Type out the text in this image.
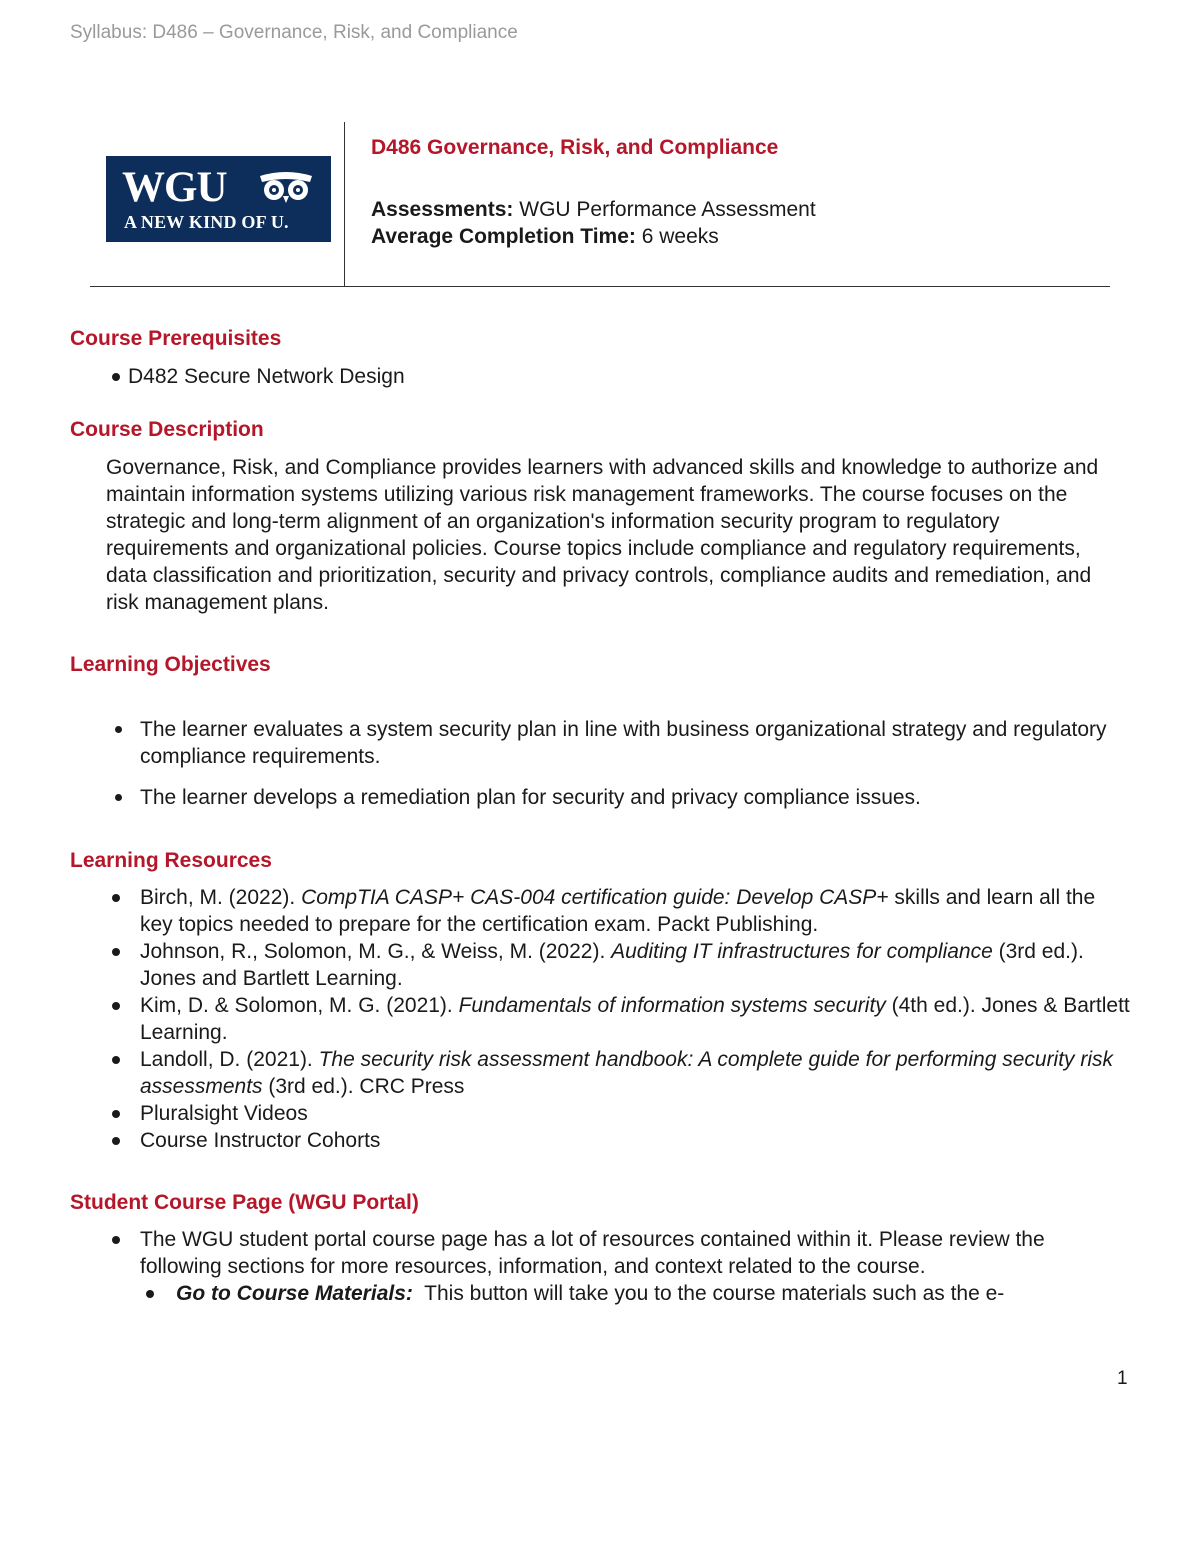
Syllabus: D486 – Governance, Risk, and Compliance
WGU
A NEW KIND OF U.
D486 Governance, Risk, and Compliance
Assessments: WGU Performance Assessment
Average Completion Time: 6 weeks
Course Prerequisites
D482 Secure Network Design
Course Description

Governance, Risk, and Compliance provides learners with advanced skills and knowledge to authorize and maintain information systems utilizing various risk management frameworks. The course focuses on the strategic and long-term alignment of an organization's information security program to regulatory requirements and organizational policies. Course topics include compliance and regulatory requirements, data classification and prioritization, security and privacy controls, compliance audits and remediation, and risk management plans.

Learning Objectives
The learner evaluates a system security plan in line with business organizational strategy and regulatory compliance requirements.
The learner develops a remediation plan for security and privacy compliance issues.
Learning Resources
Birch, M. (2022). CompTIA CASP+ CAS-004 certification guide: Develop CASP+ skills and learn all the key topics needed to prepare for the certification exam. Packt Publishing.
Johnson, R., Solomon, M. G., & Weiss, M. (2022). Auditing IT infrastructures for compliance (3rd ed.). Jones and Bartlett Learning.
Kim, D. & Solomon, M. G. (2021). Fundamentals of information systems security (4th ed.). Jones & Bartlett Learning.
Landoll, D. (2021). The security risk assessment handbook: A complete guide for performing security risk assessments (3rd ed.). CRC Press
Pluralsight Videos
Course Instructor Cohorts
Student Course Page (WGU Portal)
The WGU student portal course page has a lot of resources contained within it. Please review the following sections for more resources, information, and context related to the course.
Go to Course Materials:  This button will take you to the course materials such as the e-
1
